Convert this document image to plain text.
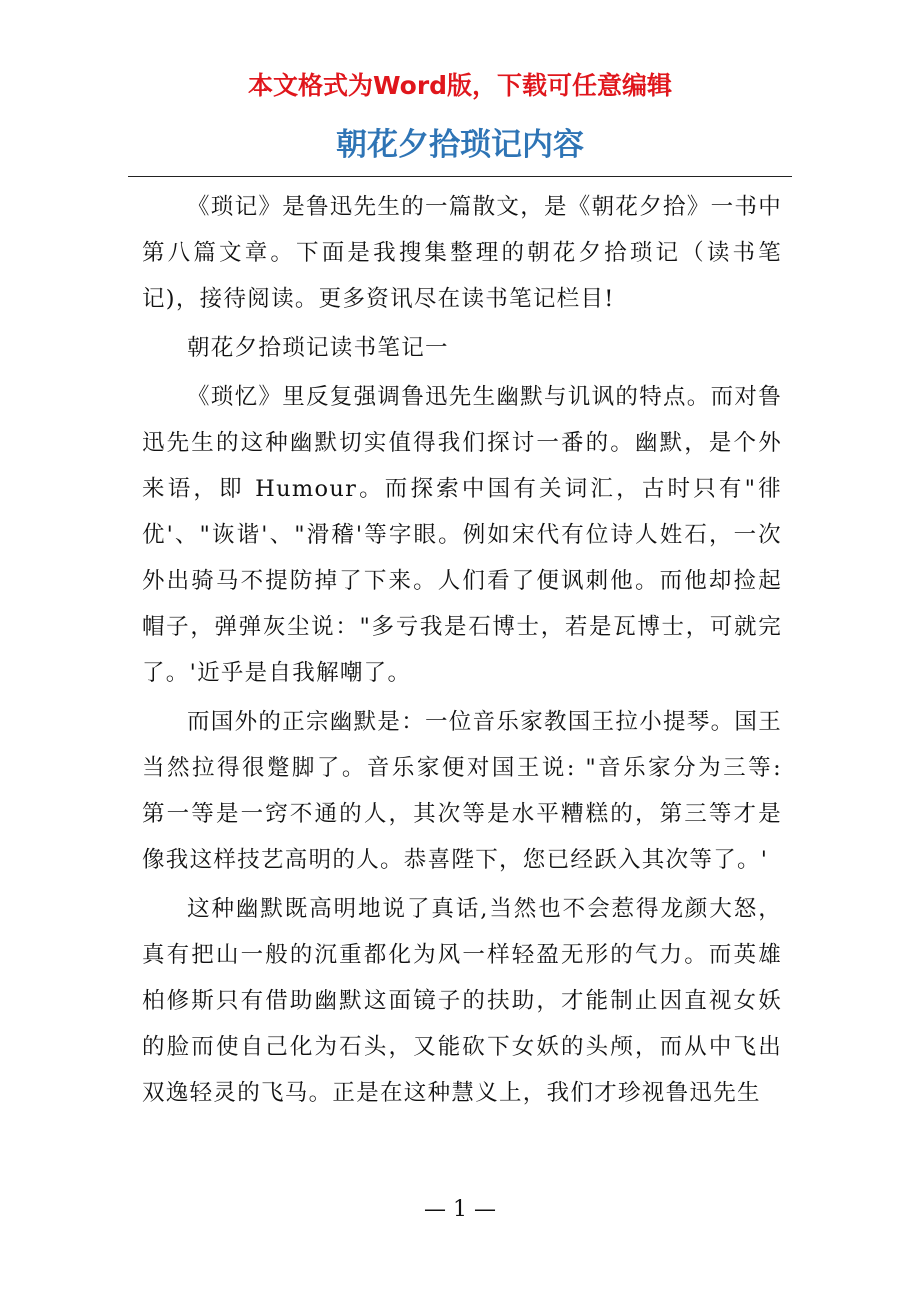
本文格式为Word版，下载可任意编辑
朝花夕拾琐记内容

《琐记》是鲁迅先生的一篇散文，是《朝花夕拾》一书中第八篇文章。下面是我搜集整理的朝花夕拾琐记（读书笔记)，接待阅读。更多资讯尽在读书笔记栏目!

朝花夕拾琐记读书笔记一

《琐忆》里反复强调鲁迅先生幽默与讥讽的特点。而对鲁迅先生的这种幽默切实值得我们探讨一番的。幽默，是个外来语，即 Humour。而探索中国有关词汇，古时只有"徘优'、"诙谐'、"滑稽'等字眼。例如宋代有位诗人姓石，一次外出骑马不提防掉了下来。人们看了便讽刺他。而他却捡起帽子，弹弹灰尘说："多亏我是石博士，若是瓦博士，可就完了。'近乎是自我解嘲了。

而国外的正宗幽默是：一位音乐家教国王拉小提琴。国王当然拉得很蹩脚了。音乐家便对国王说: "音乐家分为三等: 第一等是一窍不通的人，其次等是水平糟糕的，第三等才是像我这样技艺高明的人。恭喜陛下，您已经跃入其次等了。'

这种幽默既高明地说了真话,当然也不会惹得龙颜大怒，真有把山一般的沉重都化为风一样轻盈无形的气力。而英雄柏修斯只有借助幽默这面镜子的扶助，才能制止因直视女妖的脸而使自己化为石头，又能砍下女妖的头颅，而从中飞出双逸轻灵的飞马。正是在这种慧义上，我们才珍视鲁迅先生

— 1 —
